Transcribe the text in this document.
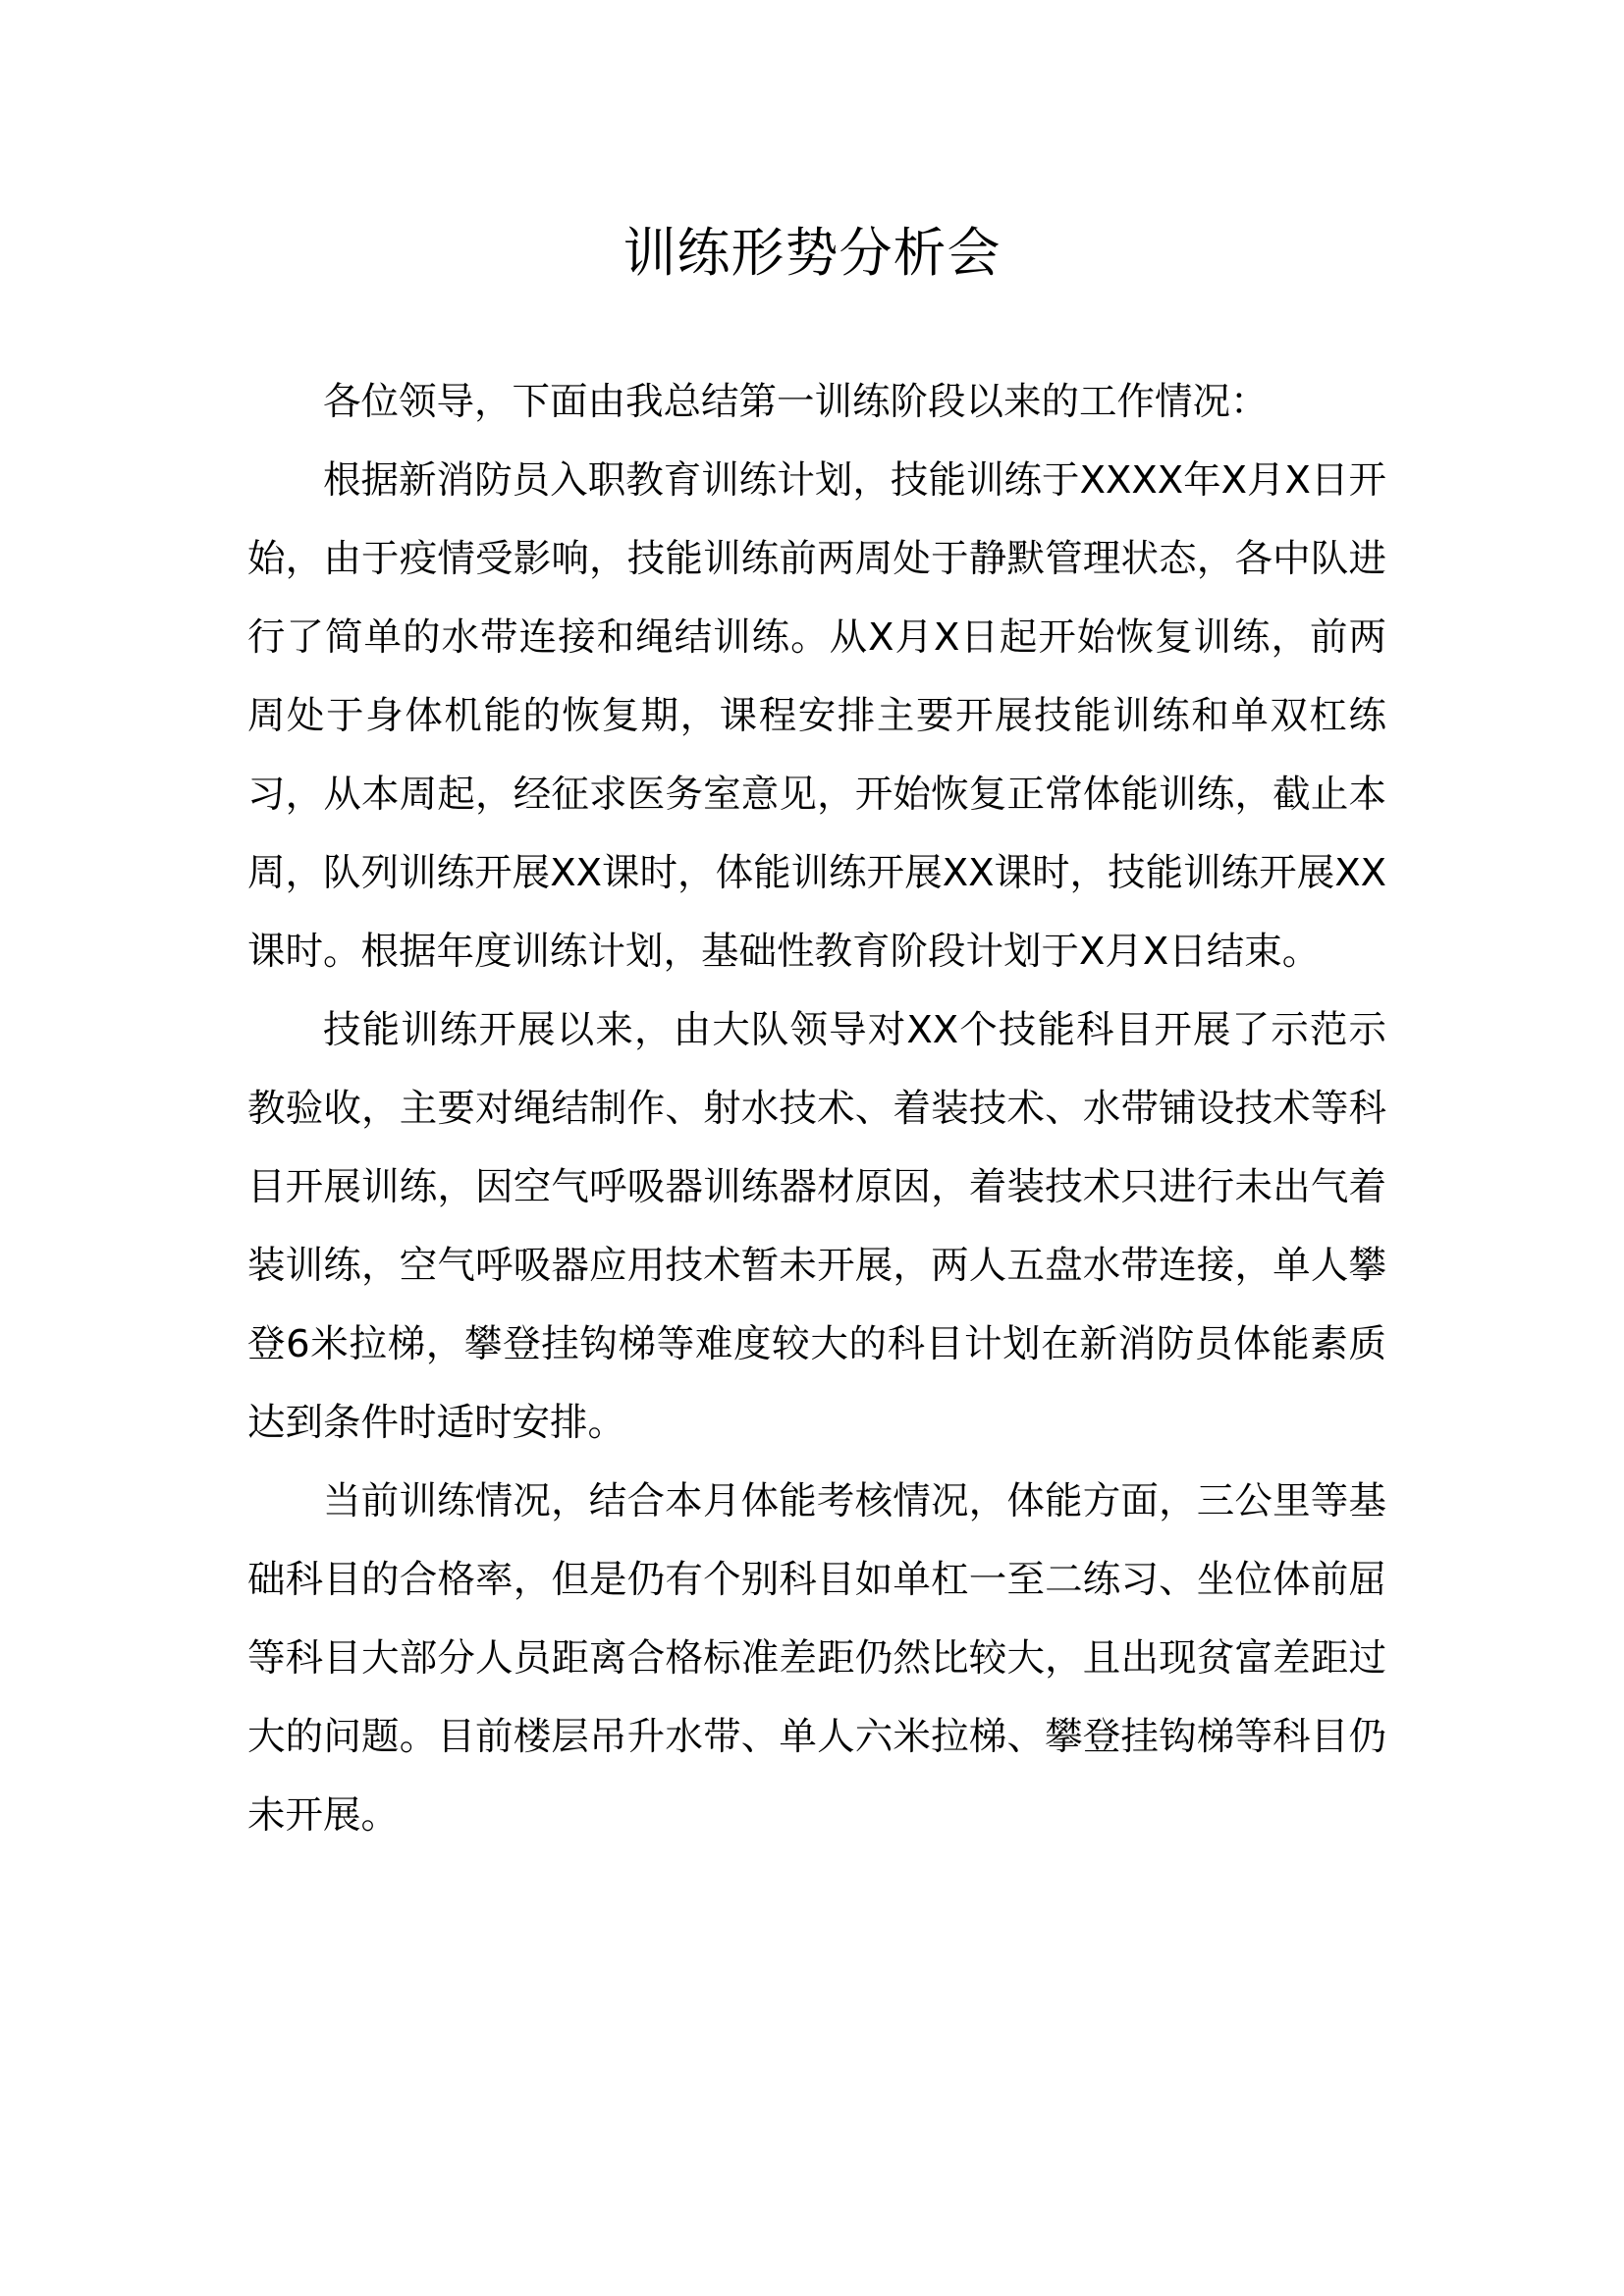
训练形势分析会

各位领导，下面由我总结第一训练阶段以来的工作情况：

根据新消防员入职教育训练计划，技能训练于XXXX年X月X日开始，由于疫情受影响，技能训练前两周处于静默管理状态，各中队进行了简单的水带连接和绳结训练。从X月X日起开始恢复训练，前两周处于身体机能的恢复期，课程安排主要开展技能训练和单双杠练习，从本周起，经征求医务室意见，开始恢复正常体能训练，截止本周，队列训练开展XX课时，体能训练开展XX课时，技能训练开展XX课时。根据年度训练计划，基础性教育阶段计划于X月X日结束。

技能训练开展以来，由大队领导对XX个技能科目开展了示范示教验收，主要对绳结制作、射水技术、着装技术、水带铺设技术等科目开展训练，因空气呼吸器训练器材原因，着装技术只进行未出气着装训练，空气呼吸器应用技术暂未开展，两人五盘水带连接，单人攀登6米拉梯，攀登挂钩梯等难度较大的科目计划在新消防员体能素质达到条件时适时安排。

当前训练情况，结合本月体能考核情况，体能方面，三公里等基础科目的合格率，但是仍有个别科目如单杠一至二练习、坐位体前屈等科目大部分人员距离合格标准差距仍然比较大，且出现贫富差距过大的问题。目前楼层吊升水带、单人六米拉梯、攀登挂钩梯等科目仍未开展。
